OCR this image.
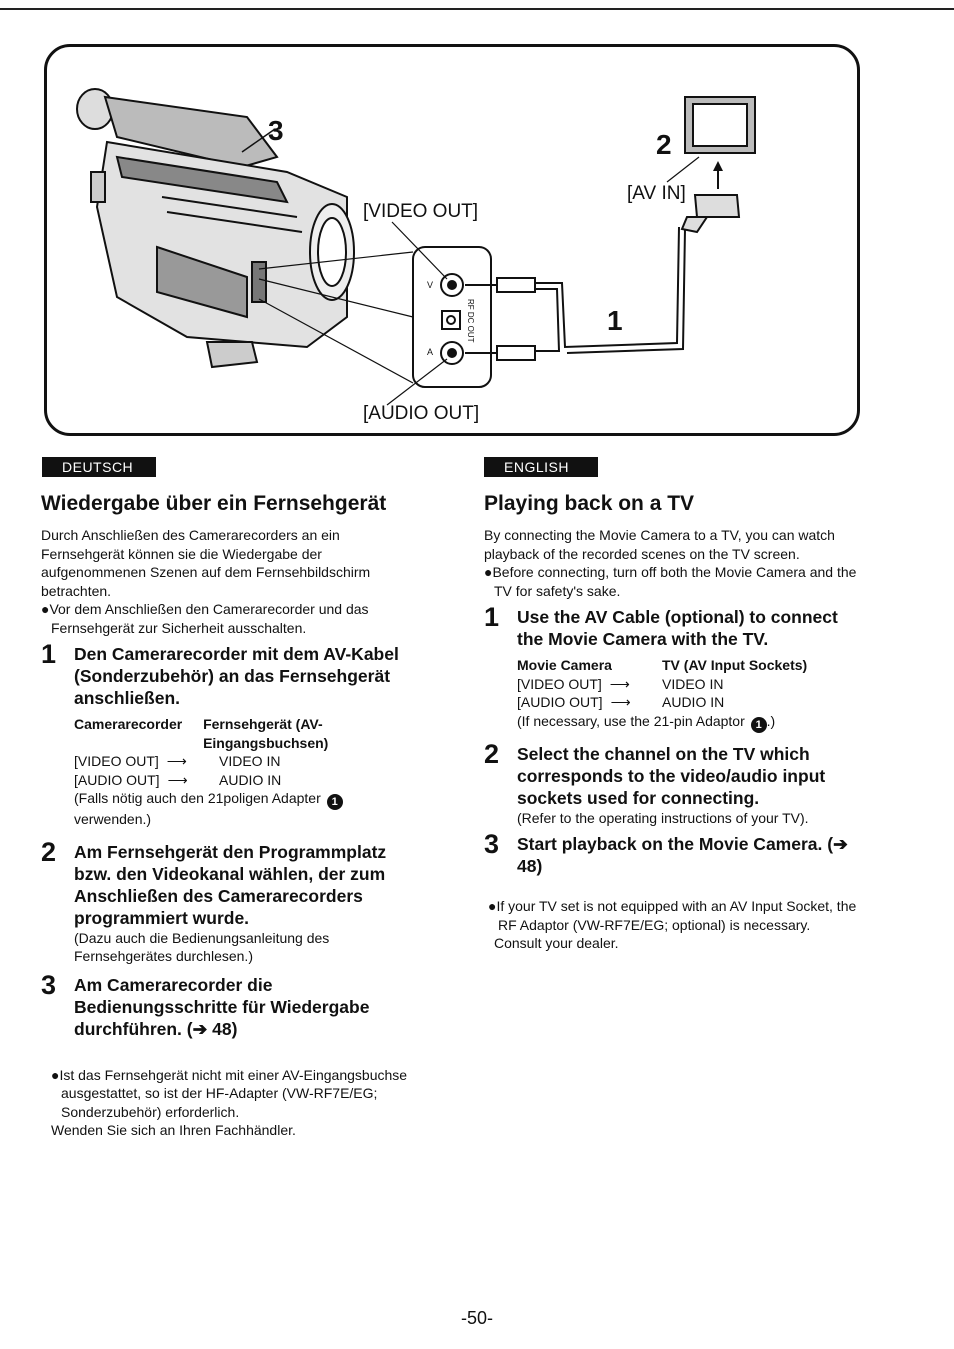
3	2
1
[VIDEO OUT]
[AUDIO OUT]
[AV IN]
V
A
RF DC OUT
DEUTSCH
Wiedergabe über ein Fernsehgerät

Durch Anschließen des Camerarecorders an ein Fernsehgerät können sie die Wiedergabe der aufgenommenen Szenen auf dem Fernsehbildschirm betrachten.

●Vor dem Anschließen den Camerarecorder und das Fernsehgerät zur Sicherheit ausschalten.

1 Den Camerarecorder mit dem AV-Kabel (Sonderzubehör) an das Fernsehgerät anschließen.
Camerarecorder	Fernsehgerät (AV-Eingangsbuchsen)
[VIDEO OUT] ⟶	VIDEO IN
[AUDIO OUT] ⟶	AUDIO IN
(Falls nötig auch den 21poligen Adapter 1 verwenden.)
2 Am Fernsehgerät den Programmplatz bzw. den Videokanal wählen, der zum Anschließen des Camerarecorders programmiert wurde.
(Dazu auch die Bedienungsanleitung des Fernsehgerätes durchlesen.)
3 Am Camerarecorder die Bedienungsschritte für Wiedergabe durchführen. (➔ 48)

●Ist das Fernsehgerät nicht mit einer AV-Eingangsbuchse ausgestattet, so ist der HF-Adapter (VW-RF7E/EG; Sonderzubehör) erforderlich.

Wenden Sie sich an Ihren Fachhändler.

ENGLISH
Playing back on a TV

By connecting the Movie Camera to a TV, you can watch playback of the recorded scenes on the TV screen.

●Before connecting, turn off both the Movie Camera and the TV for safety's sake.

1 Use the AV Cable (optional) to connect the Movie Camera with the TV.
Movie Camera	TV (AV Input Sockets)
[VIDEO OUT] ⟶	VIDEO IN
[AUDIO OUT] ⟶	AUDIO IN
(If necessary, use the 21-pin Adaptor 1 .)
2 Select the channel on the TV which corresponds to the video/audio input sockets used for connecting.
(Refer to the operating instructions of your TV).
3 Start playback on the Movie Camera. (➔ 48)

●If your TV set is not equipped with an AV Input Socket, the RF Adaptor (VW-RF7E/EG; optional) is necessary.

Consult your dealer.

-50-
